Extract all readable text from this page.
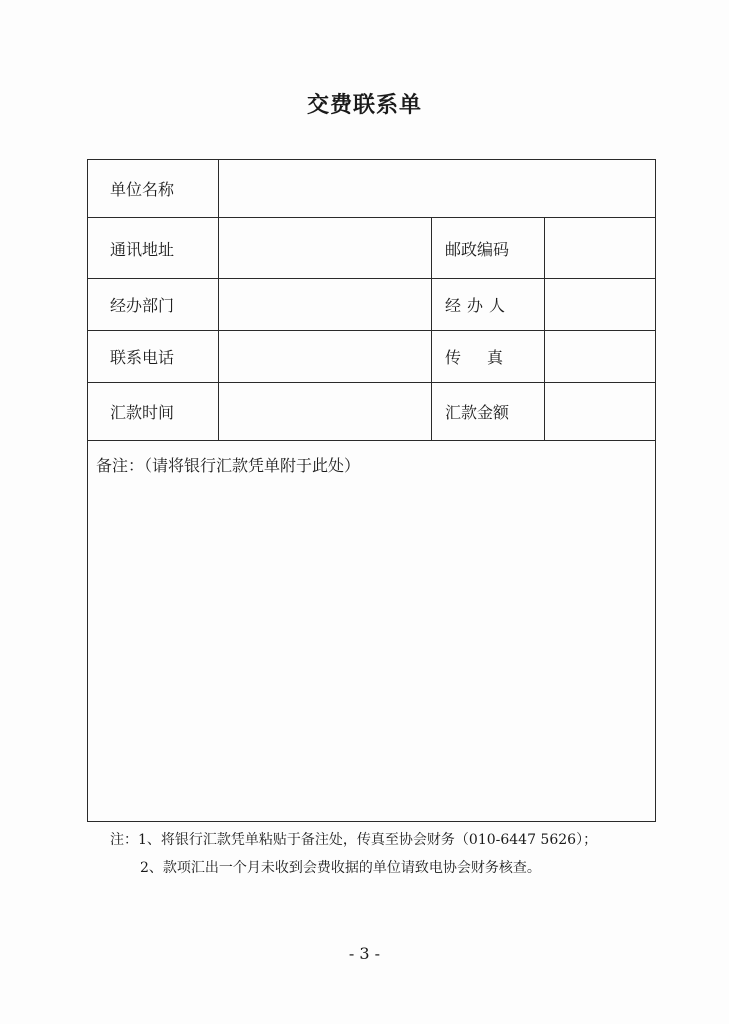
交费联系单
单位名称			
通讯地址		邮政编码	
经办部门		经办人	
联系电话		传真	
汇款时间		汇款金额	
备注：（请将银行汇款凭单附于此处）			
注：1、将银行汇款凭单粘贴于备注处，传真至协会财务（010-6447 5626）；
2、款项汇出一个月未收到会费收据的单位请致电协会财务核查。
- 3 -
